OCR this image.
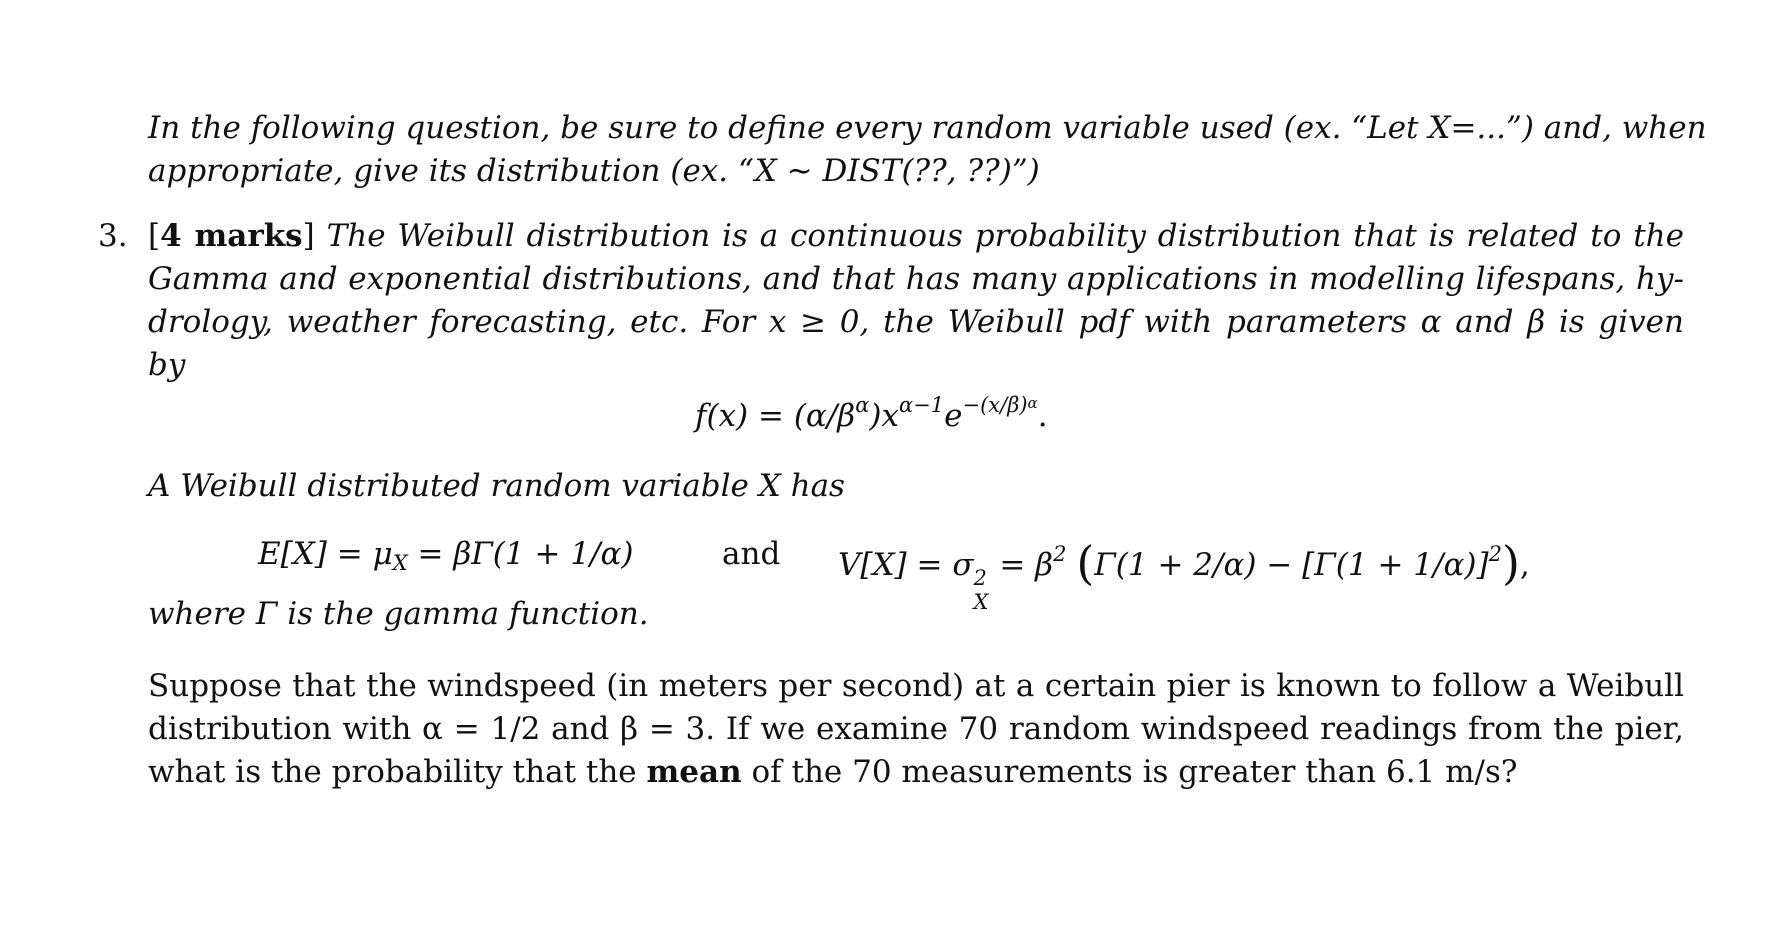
In the following question, be sure to define every random variable used (ex. “Let X=...”) and, when
appropriate, give its distribution (ex. “X ∼ DIST(??, ??)”)
3. [4 marks] The Weibull distribution is a continuous probability distribution that is related to the
Gamma and exponential distributions, and that has many applications in modelling lifespans, hy-
drology, weather forecasting, etc. For x ≥ 0, the Weibull pdf with parameters α and β is given
by
$f(x) = (\alpha/\beta^\alpha)x^{\alpha-1}e^{-(x/\beta)\alpha}$.
A Weibull distributed random variable X has
$E[X] = \mu_X = \beta\Gamma(1 + 1/\alpha)$	and V[X] = σ 2
X
= $\beta^2$ $(\Gamma(1 + 2/\alpha) - [\Gamma(1 + 1/\alpha)]^2)$,
where Γ is the gamma function.
Suppose that the windspeed (in meters per second) at a certain pier is known to follow a Weibull
distribution with α = 1/2 and β = 3. If we examine 70 random windspeed readings from the pier,
what is the probability that the mean of the 70 measurements is greater than 6.1 m/s?
